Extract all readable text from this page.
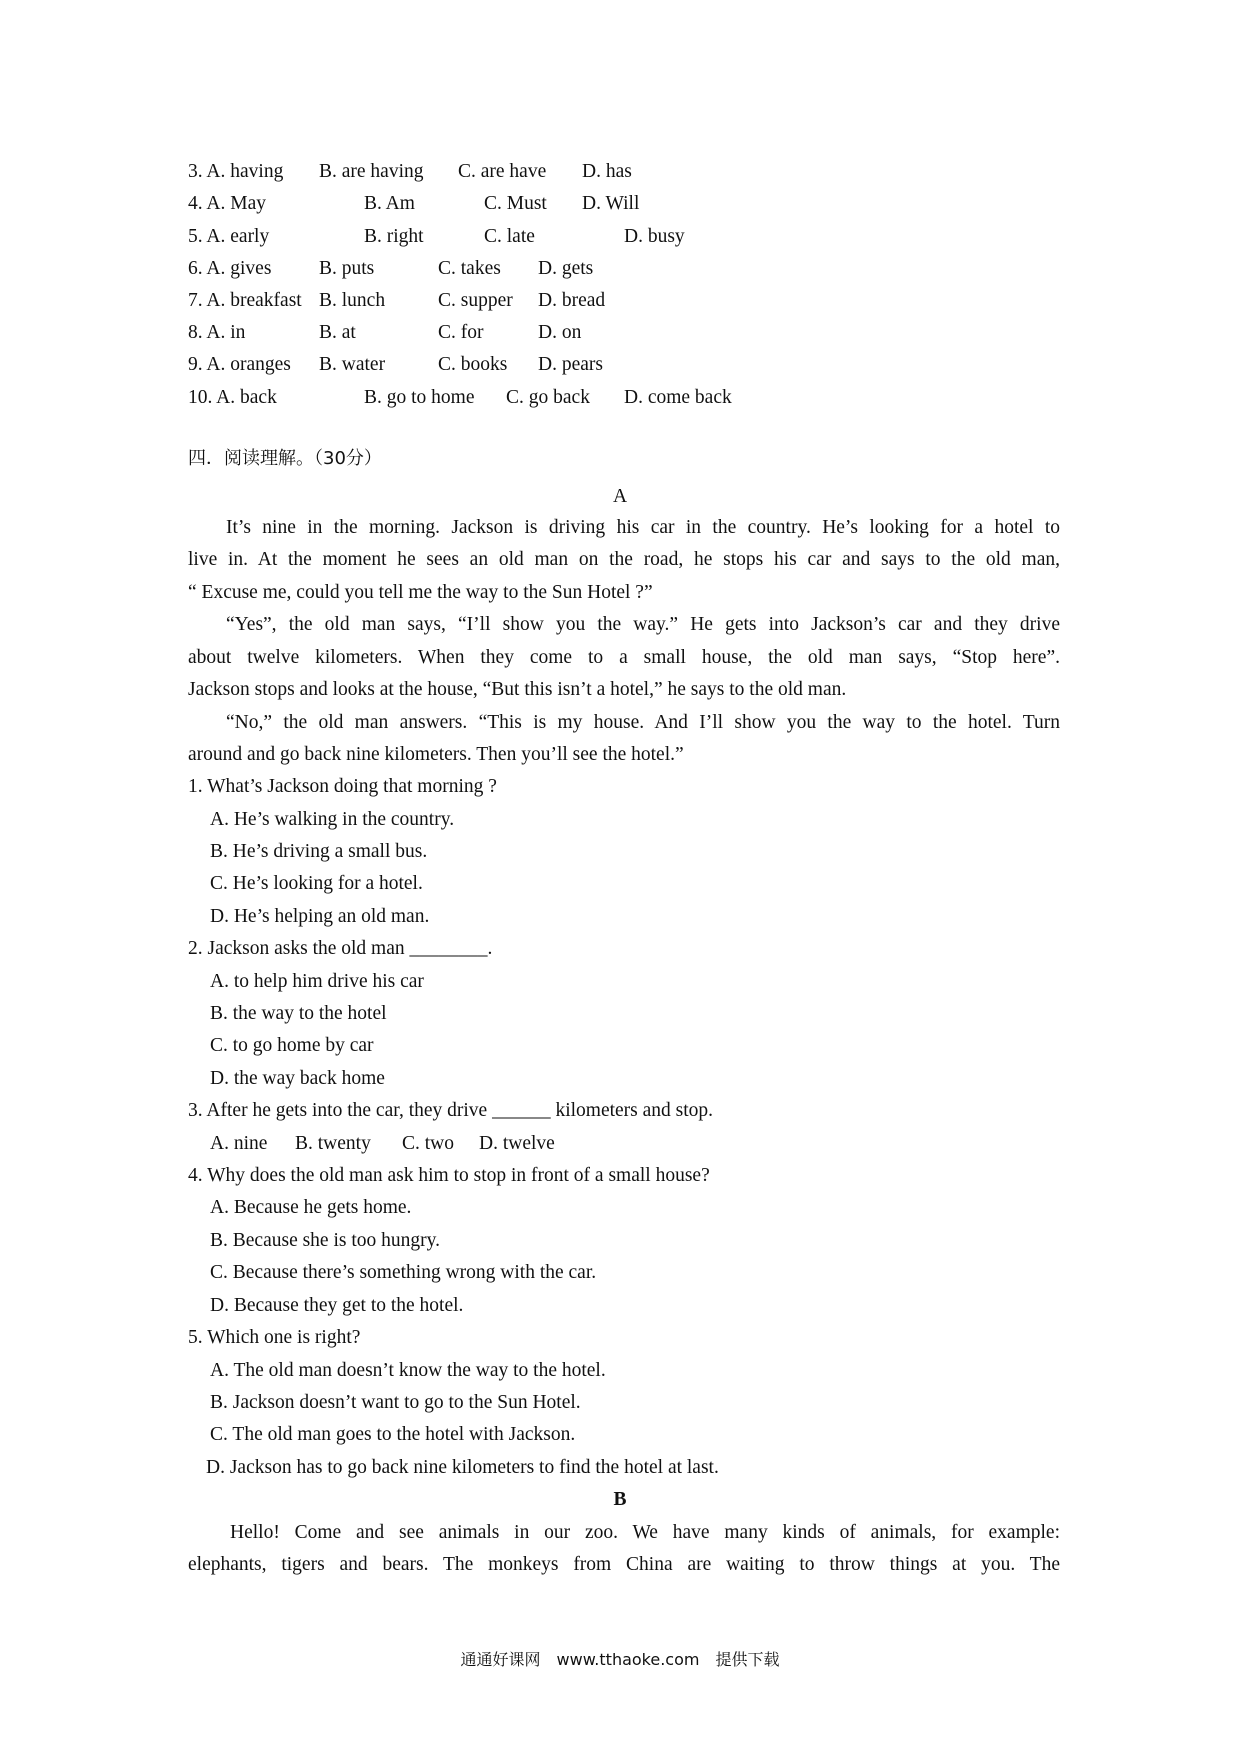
3. A. having B. are having C. are have D. has
4. A. May	B. Am	C. Must D. Will
5. A. early	B. right	C. late	D. busy
6. A. gives B. puts	C. takes D. gets
7. A. breakfast B. lunch	C. supper D. bread
8. A. in	B. at	C. for	D. on
9. A. oranges B. water	C. books D. pears
10. A. back	B. go to home C. go back D. come back
四．阅读理解。（30分）
A
It’s nine in the morning. Jackson is driving his car in the country. He’s looking for a hotel to
live in. At the moment he sees an old man on the road, he stops his car and says to the old man,
“ Excuse me, could you tell me the way to the Sun Hotel ?”
“Yes”, the old man says, “I’ll show you the way.” He gets into Jackson’s car and they drive
about twelve kilometers. When they come to a small house, the old man says, “Stop here”.
Jackson stops and looks at the house, “But this isn’t a hotel,” he says to the old man.
“No,” the old man answers. “This is my house. And I’ll show you the way to the hotel. Turn
around and go back nine kilometers. Then you’ll see the hotel.”
1. What’s Jackson doing that morning ?
A. He’s walking in the country.
B. He’s driving a small bus.
C. He’s looking for a hotel.
D. He’s helping an old man.
2. Jackson asks the old man ________.
A. to help him drive his car
B. the way to the hotel
C. to go home by car
D. the way back home
3. After he gets into the car, they drive ______ kilometers and stop.
A. nine B. twenty C. two D. twelve
4. Why does the old man ask him to stop in front of a small house?
A. Because he gets home.
B. Because she is too hungry.
C. Because there’s something wrong with the car.
D. Because they get to the hotel.
5. Which one is right?
A. The old man doesn’t know the way to the hotel.
B. Jackson doesn’t want to go to the Sun Hotel.
C. The old man goes to the hotel with Jackson.
D. Jackson has to go back nine kilometers to find the hotel at last.
B
Hello! Come and see animals in our zoo. We have many kinds of animals, for example:
elephants, tigers and bears. The monkeys from China are waiting to throw things at you. The
通通好课网　www.tthaoke.com　提供下载
